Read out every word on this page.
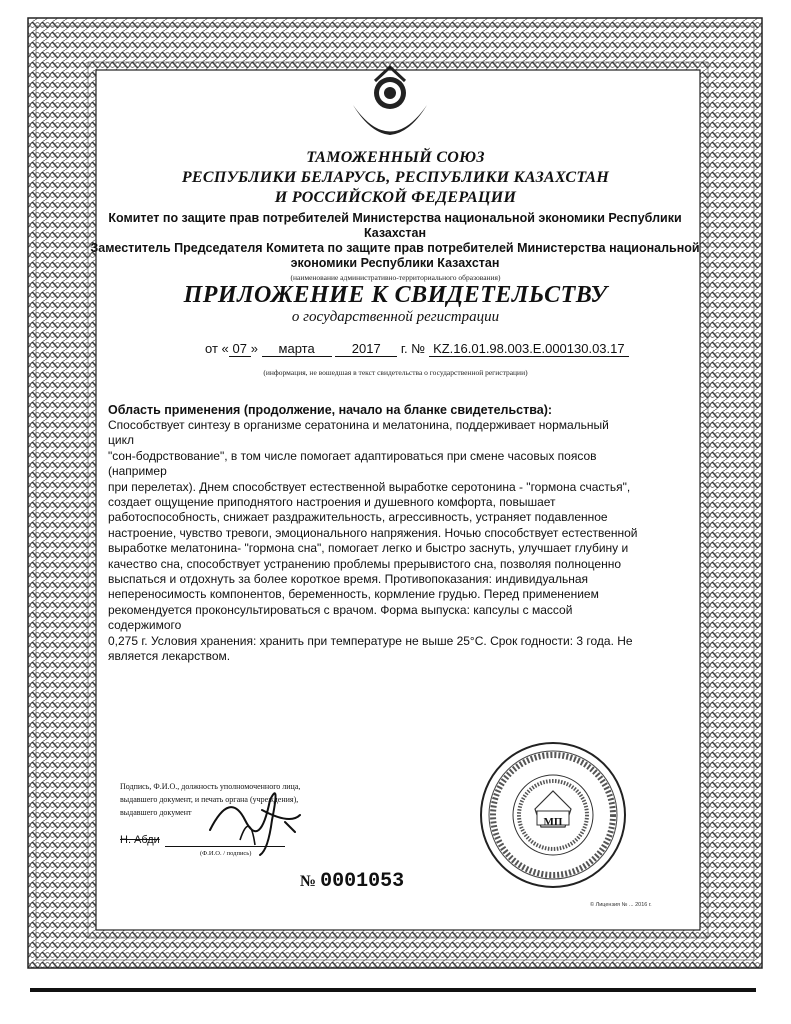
ТАМОЖЕННЫЙ СОЮЗ
РЕСПУБЛИКИ БЕЛАРУСЬ, РЕСПУБЛИКИ КАЗАХСТАН
И РОССИЙСКОЙ ФЕДЕРАЦИИ
Комитет по защите прав потребителей Министерства национальной экономики Республики
Казахстан
Заместитель Председателя Комитета по защите прав потребителей Министерства национальной
экономики Республики Казахстан
(наименование административно-территориального образования)
ПРИЛОЖЕНИЕ К СВИДЕТЕЛЬСТВУ
о государственной регистрации
от « 07 » марта	2017 г. № KZ.16.01.98.003.E.000130.03.17
(информация, не вошедшая в текст свидетельства о государственной регистрации)
Область применения (продолжение, начало на бланке свидетельства):
Способствует синтезу в организме сератонина и мелатонина, поддерживает нормальный цикл
"сон-бодрствование", в том числе помогает адаптироваться при смене часовых поясов (например
при перелетах). Днем способствует естественной выработке серотонина - "гормона счастья",
создает ощущение приподнятого настроения и душевного комфорта, повышает
работоспособность, снижает раздражительность, агрессивность, устраняет подавленное
настроение, чувство тревоги, эмоционального напряжения. Ночью способствует естественной
выработке мелатонина- "гормона сна", помогает легко и быстро заснуть, улучшает глубину и
качество сна, способствует устранению проблемы прерывистого сна, позволяя полноценно
выспаться и отдохнуть за более короткое время. Противопоказания: индивидуальная
непереносимость компонентов, беременность, кормление грудью. Перед применением
рекомендуется проконсультироваться с врачом. Форма выпуска: капсулы с массой содержимого
0,275 г. Условия хранения: хранить при температуре не выше 25°С. Срок годности: 3 года. Не
является лекарством.
Подпись, Ф.И.О., должность уполномоченного лица,
выдавшего документ, и печать органа (учреждения),
выдавшего документ
Н. Абди
(Ф.И.О. / подпись)
МП
№ 0001053
© Лицензия № ... 2016 г.
